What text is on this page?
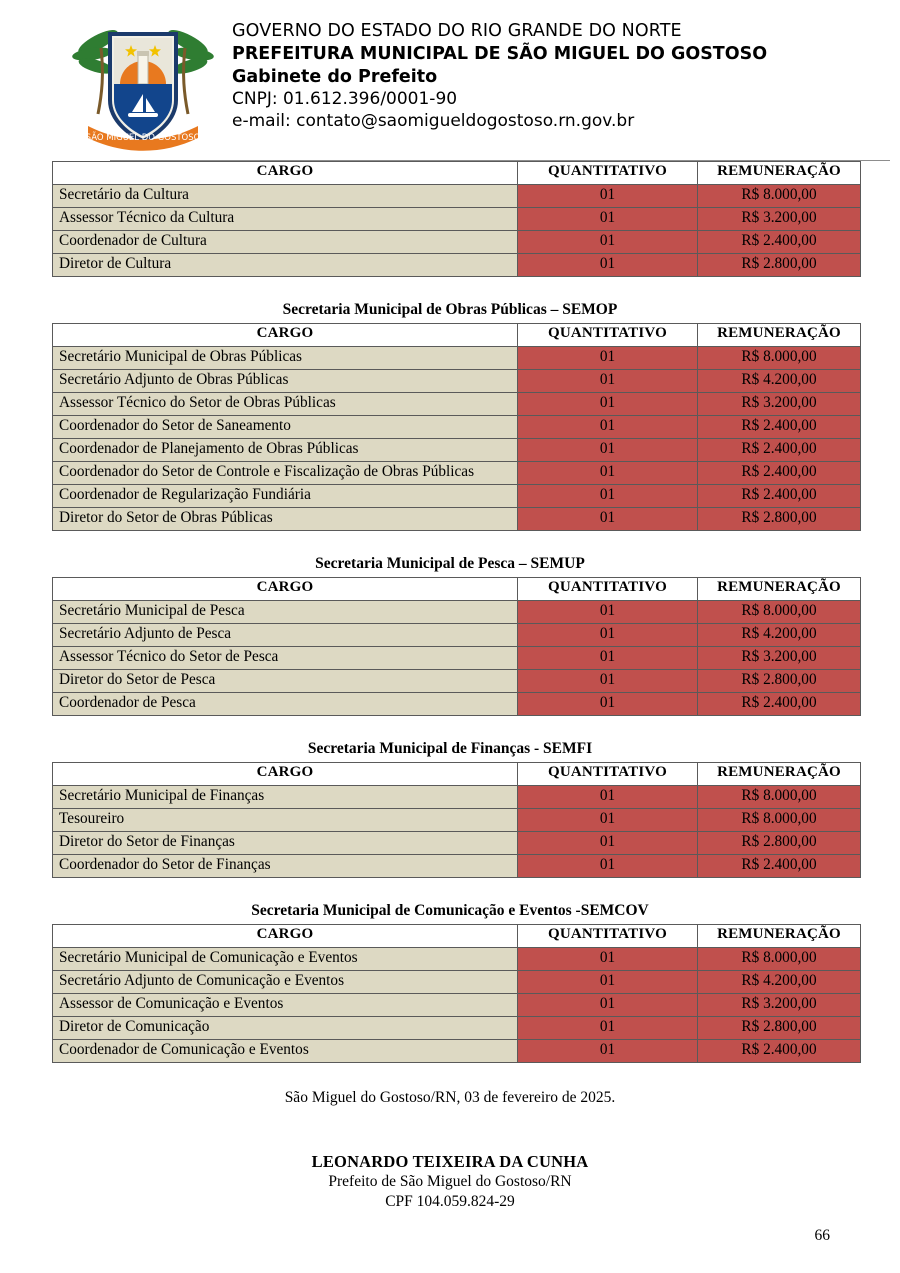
SÃO MIGUEL DO GOSTOSO
GOVERNO DO ESTADO DO RIO GRANDE DO NORTE
PREFEITURA MUNICIPAL DE SÃO MIGUEL DO GOSTOSO
Gabinete do Prefeito
CNPJ: 01.612.396/0001-90
e-mail: contato@saomigueldogostoso.rn.gov.br
CARGO	QUANTITATIVO	REMUNERAÇÃO
Secretário da Cultura	01	R$ 8.000,00
Assessor Técnico da Cultura	01	R$ 3.200,00
Coordenador de Cultura	01	R$ 2.400,00
Diretor de Cultura	01	R$ 2.800,00
Secretaria Municipal de Obras Públicas – SEMOP
CARGO	QUANTITATIVO	REMUNERAÇÃO
Secretário Municipal de Obras Públicas	01	R$ 8.000,00
Secretário Adjunto de Obras Públicas	01	R$ 4.200,00
Assessor Técnico do Setor de Obras Públicas	01	R$ 3.200,00
Coordenador do Setor de Saneamento	01	R$ 2.400,00
Coordenador de Planejamento de Obras Públicas	01	R$ 2.400,00
Coordenador do Setor de Controle e Fiscalização de Obras Públicas	01	R$ 2.400,00
Coordenador de Regularização Fundiária	01	R$ 2.400,00
Diretor do Setor de Obras Públicas	01	R$ 2.800,00
Secretaria Municipal de Pesca – SEMUP
CARGO	QUANTITATIVO	REMUNERAÇÃO
Secretário Municipal de Pesca	01	R$ 8.000,00
Secretário Adjunto de Pesca	01	R$ 4.200,00
Assessor Técnico do Setor de Pesca	01	R$ 3.200,00
Diretor do Setor de Pesca	01	R$ 2.800,00
Coordenador de Pesca	01	R$ 2.400,00
Secretaria Municipal de Finanças - SEMFI
CARGO	QUANTITATIVO	REMUNERAÇÃO
Secretário Municipal de Finanças	01	R$ 8.000,00
Tesoureiro	01	R$ 8.000,00
Diretor do Setor de Finanças	01	R$ 2.800,00
Coordenador do Setor de Finanças	01	R$ 2.400,00
Secretaria Municipal de Comunicação e Eventos -SEMCOV
CARGO	QUANTITATIVO	REMUNERAÇÃO
Secretário Municipal de Comunicação e Eventos	01	R$ 8.000,00
Secretário Adjunto de Comunicação e Eventos	01	R$ 4.200,00
Assessor de Comunicação e Eventos	01	R$ 3.200,00
Diretor de Comunicação	01	R$ 2.800,00
Coordenador de Comunicação e Eventos	01	R$ 2.400,00
São Miguel do Gostoso/RN, 03 de fevereiro de 2025.
LEONARDO TEIXEIRA DA CUNHA
Prefeito de São Miguel do Gostoso/RN
CPF 104.059.824-29
66
